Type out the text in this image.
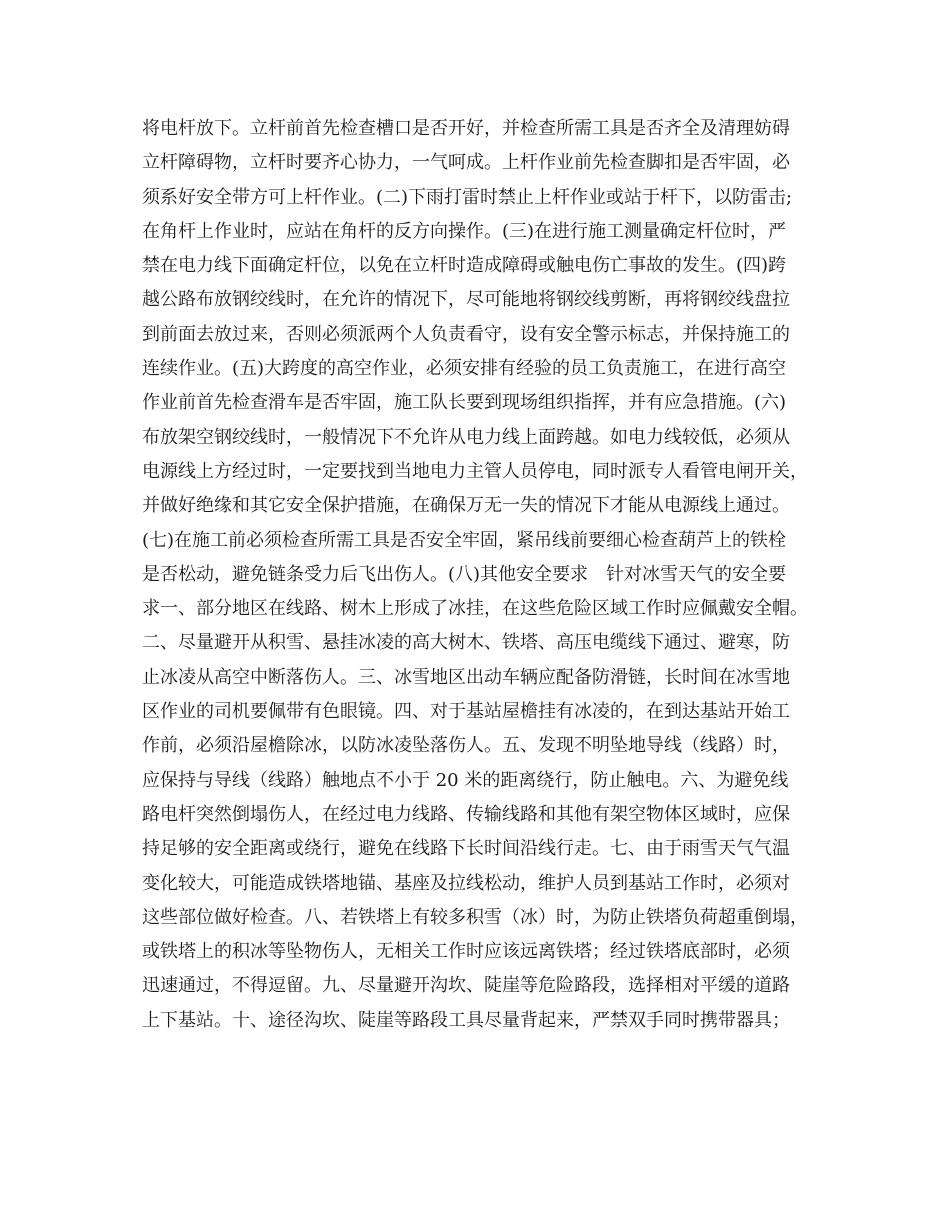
将电杆放下。立杆前首先检查槽口是否开好，并检查所需工具是否齐全及清理妨碍
立杆障碍物，立杆时要齐心协力，一气呵成。上杆作业前先检查脚扣是否牢固，必
须系好安全带方可上杆作业。(二)下雨打雷时禁止上杆作业或站于杆下，以防雷击;
在角杆上作业时，应站在角杆的反方向操作。(三)在进行施工测量确定杆位时，严
禁在电力线下面确定杆位，以免在立杆时造成障碍或触电伤亡事故的发生。(四)跨
越公路布放钢绞线时，在允许的情况下，尽可能地将钢绞线剪断，再将钢绞线盘拉
到前面去放过来，否则必须派两个人负责看守，设有安全警示标志，并保持施工的
连续作业。(五)大跨度的高空作业，必须安排有经验的员工负责施工，在进行高空
作业前首先检查滑车是否牢固，施工队长要到现场组织指挥，并有应急措施。(六)
布放架空钢绞线时，一般情况下不允许从电力线上面跨越。如电力线较低，必须从
电源线上方经过时，一定要找到当地电力主管人员停电，同时派专人看管电闸开关，
并做好绝缘和其它安全保护措施，在确保万无一失的情况下才能从电源线上通过。
(七)在施工前必须检查所需工具是否安全牢固，紧吊线前要细心检查葫芦上的铁栓
是否松动，避免链条受力后飞出伤人。(八)其他安全要求　针对冰雪天气的安全要
求一、部分地区在线路、树木上形成了冰挂，在这些危险区域工作时应佩戴安全帽。
二、尽量避开从积雪、悬挂冰凌的高大树木、铁塔、高压电缆线下通过、避寒，防
止冰凌从高空中断落伤人。三、冰雪地区出动车辆应配备防滑链，长时间在冰雪地
区作业的司机要佩带有色眼镜。四、对于基站屋檐挂有冰凌的，在到达基站开始工
作前，必须沿屋檐除冰，以防冰凌坠落伤人。五、发现不明坠地导线（线路）时，
应保持与导线（线路）触地点不小于 20 米的距离绕行，防止触电。六、为避免线
路电杆突然倒塌伤人，在经过电力线路、传输线路和其他有架空物体区域时，应保
持足够的安全距离或绕行，避免在线路下长时间沿线行走。七、由于雨雪天气气温
变化较大，可能造成铁塔地锚、基座及拉线松动，维护人员到基站工作时，必须对
这些部位做好检查。八、若铁塔上有较多积雪（冰）时，为防止铁塔负荷超重倒塌，
或铁塔上的积冰等坠物伤人，无相关工作时应该远离铁塔；经过铁塔底部时，必须
迅速通过，不得逗留。九、尽量避开沟坎、陡崖等危险路段，选择相对平缓的道路
上下基站。十、途径沟坎、陡崖等路段工具尽量背起来，严禁双手同时携带器具；
